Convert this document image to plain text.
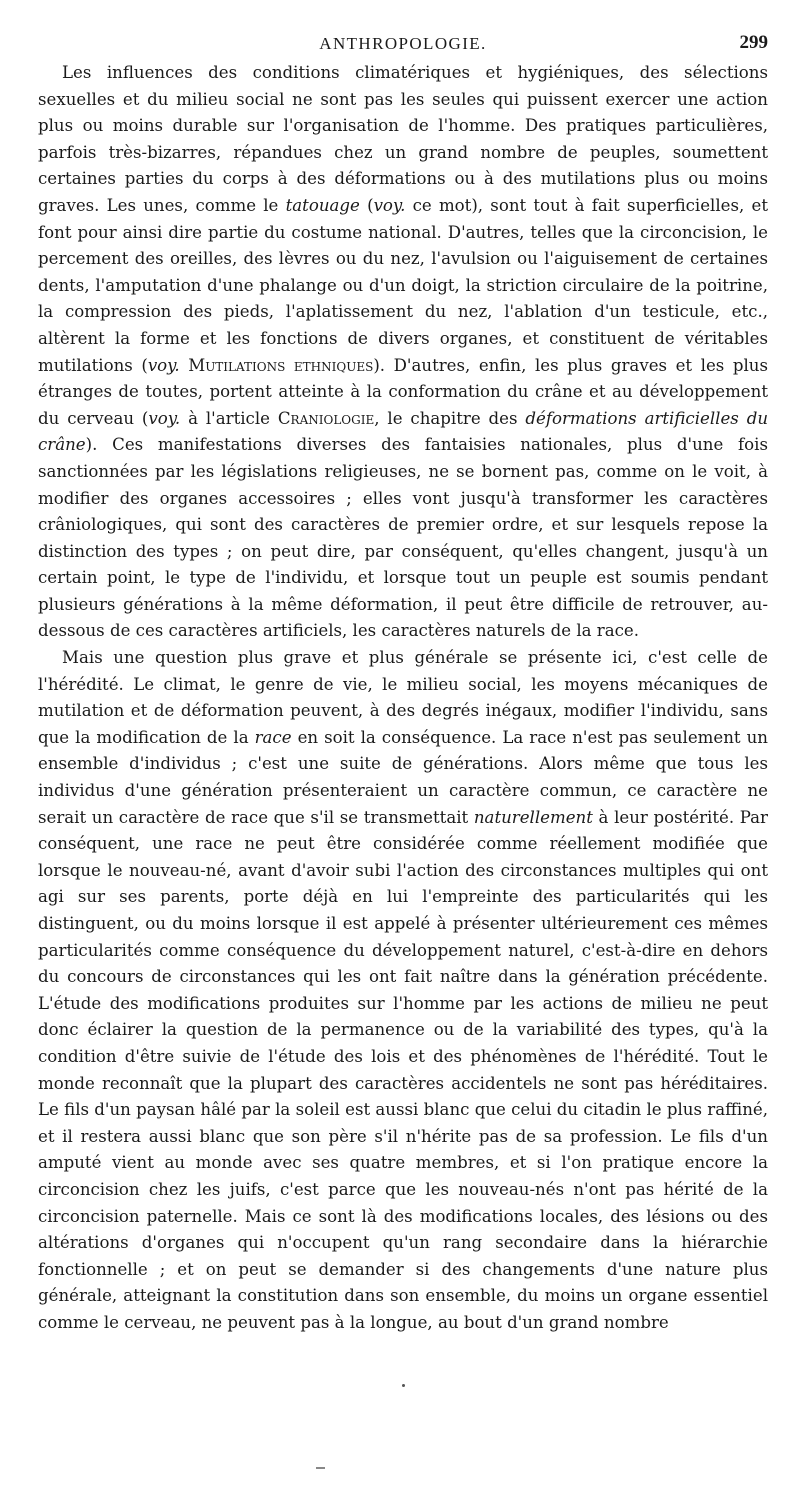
ANTHROPOLOGIE.	299

Les influences des conditions climatériques et hygiéniques, des sélections sexuelles et du milieu social ne sont pas les seules qui puissent exercer une action plus ou moins durable sur l'organisation de l'homme. Des pratiques particulières, parfois très-bizarres, répandues chez un grand nombre de peuples, soumettent certaines parties du corps à des déformations ou à des mutilations plus ou moins graves. Les unes, comme le tatouage (voy. ce mot), sont tout à fait superficielles, et font pour ainsi dire partie du costume national. D'autres, telles que la circoncision, le percement des oreilles, des lèvres ou du nez, l'avulsion ou l'aiguisement de certaines dents, l'amputation d'une phalange ou d'un doigt, la striction circulaire de la poitrine, la compression des pieds, l'aplatissement du nez, l'ablation d'un testicule, etc., altèrent la forme et les fonctions de divers organes, et constituent de véritables mutilations (voy. Mutilations ethniques). D'autres, enfin, les plus graves et les plus étranges de toutes, portent atteinte à la conformation du crâne et au développement du cerveau (voy. à l'article Craniologie, le chapitre des déformations artificielles du crâne). Ces manifestations diverses des fantaisies nationales, plus d'une fois sanctionnées par les législations religieuses, ne se bornent pas, comme on le voit, à modifier des organes accessoires ; elles vont jusqu'à transformer les caractères crâniologiques, qui sont des caractères de premier ordre, et sur lesquels repose la distinction des types ; on peut dire, par conséquent, qu'elles changent, jusqu'à un certain point, le type de l'individu, et lorsque tout un peuple est soumis pendant plusieurs générations à la même déformation, il peut être difficile de retrouver, au-dessous de ces caractères artificiels, les caractères naturels de la race.

Mais une question plus grave et plus générale se présente ici, c'est celle de l'hérédité. Le climat, le genre de vie, le milieu social, les moyens mécaniques de mutilation et de déformation peuvent, à des degrés inégaux, modifier l'individu, sans que la modification de la race en soit la conséquence. La race n'est pas seulement un ensemble d'individus ; c'est une suite de générations. Alors même que tous les individus d'une génération présenteraient un caractère commun, ce caractère ne serait un caractère de race que s'il se transmettait naturellement à leur postérité. Par conséquent, une race ne peut être considérée comme réellement modifiée que lorsque le nouveau-né, avant d'avoir subi l'action des circonstances multiples qui ont agi sur ses parents, porte déjà en lui l'empreinte des particularités qui les distinguent, ou du moins lorsque il est appelé à présenter ultérieurement ces mêmes particularités comme conséquence du développement naturel, c'est-à-dire en dehors du concours de circonstances qui les ont fait naître dans la génération précédente. L'étude des modifications produites sur l'homme par les actions de milieu ne peut donc éclairer la question de la permanence ou de la variabilité des types, qu'à la condition d'être suivie de l'étude des lois et des phénomènes de l'hérédité. Tout le monde reconnaît que la plupart des caractères accidentels ne sont pas héréditaires. Le fils d'un paysan hâlé par la soleil est aussi blanc que celui du citadin le plus raffiné, et il restera aussi blanc que son père s'il n'hérite pas de sa profession. Le fils d'un amputé vient au monde avec ses quatre membres, et si l'on pratique encore la circoncision chez les juifs, c'est parce que les nouveau-nés n'ont pas hérité de la circoncision paternelle. Mais ce sont là des modifications locales, des lésions ou des altérations d'organes qui n'occupent qu'un rang secondaire dans la hiérarchie fonctionnelle ; et on peut se demander si des changements d'une nature plus générale, atteignant la constitution dans son ensemble, du moins un organe essentiel comme le cerveau, ne peuvent pas à la longue, au bout d'un grand nombre
